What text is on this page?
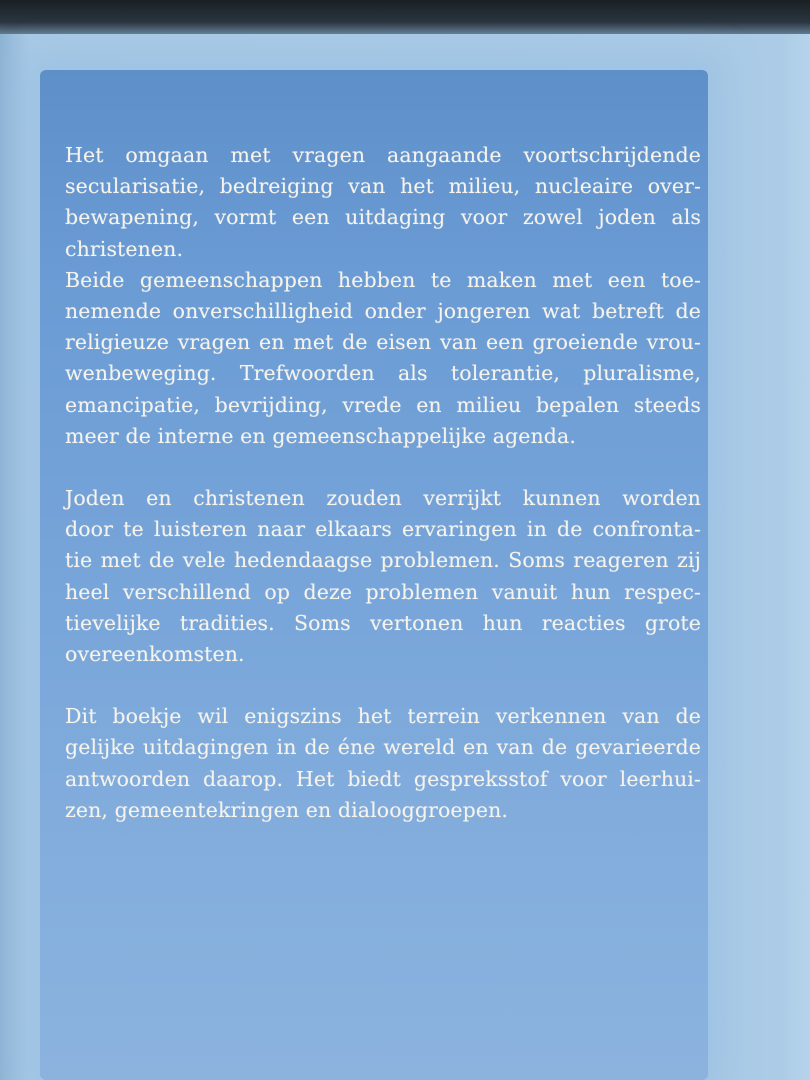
Het omgaan met vragen aangaande voortschrijdende
secularisatie, bedreiging van het milieu, nucleaire over-
bewapening, vormt een uitdaging voor zowel joden als
christenen.
Beide gemeenschappen hebben te maken met een toe-
nemende onverschilligheid onder jongeren wat betreft de
religieuze vragen en met de eisen van een groeiende vrou-
wenbeweging. Trefwoorden als tolerantie, pluralisme,
emancipatie, bevrijding, vrede en milieu bepalen steeds
meer de interne en gemeenschappelijke agenda.
Joden en christenen zouden verrijkt kunnen worden
door te luisteren naar elkaars ervaringen in de confronta-
tie met de vele hedendaagse problemen. Soms reageren zij
heel verschillend op deze problemen vanuit hun respec-
tievelijke tradities. Soms vertonen hun reacties grote
overeenkomsten.
Dit boekje wil enigszins het terrein verkennen van de
gelijke uitdagingen in de éne wereld en van de gevarieerde
antwoorden daarop. Het biedt gespreksstof voor leerhui-
zen, gemeentekringen en dialooggroepen.
